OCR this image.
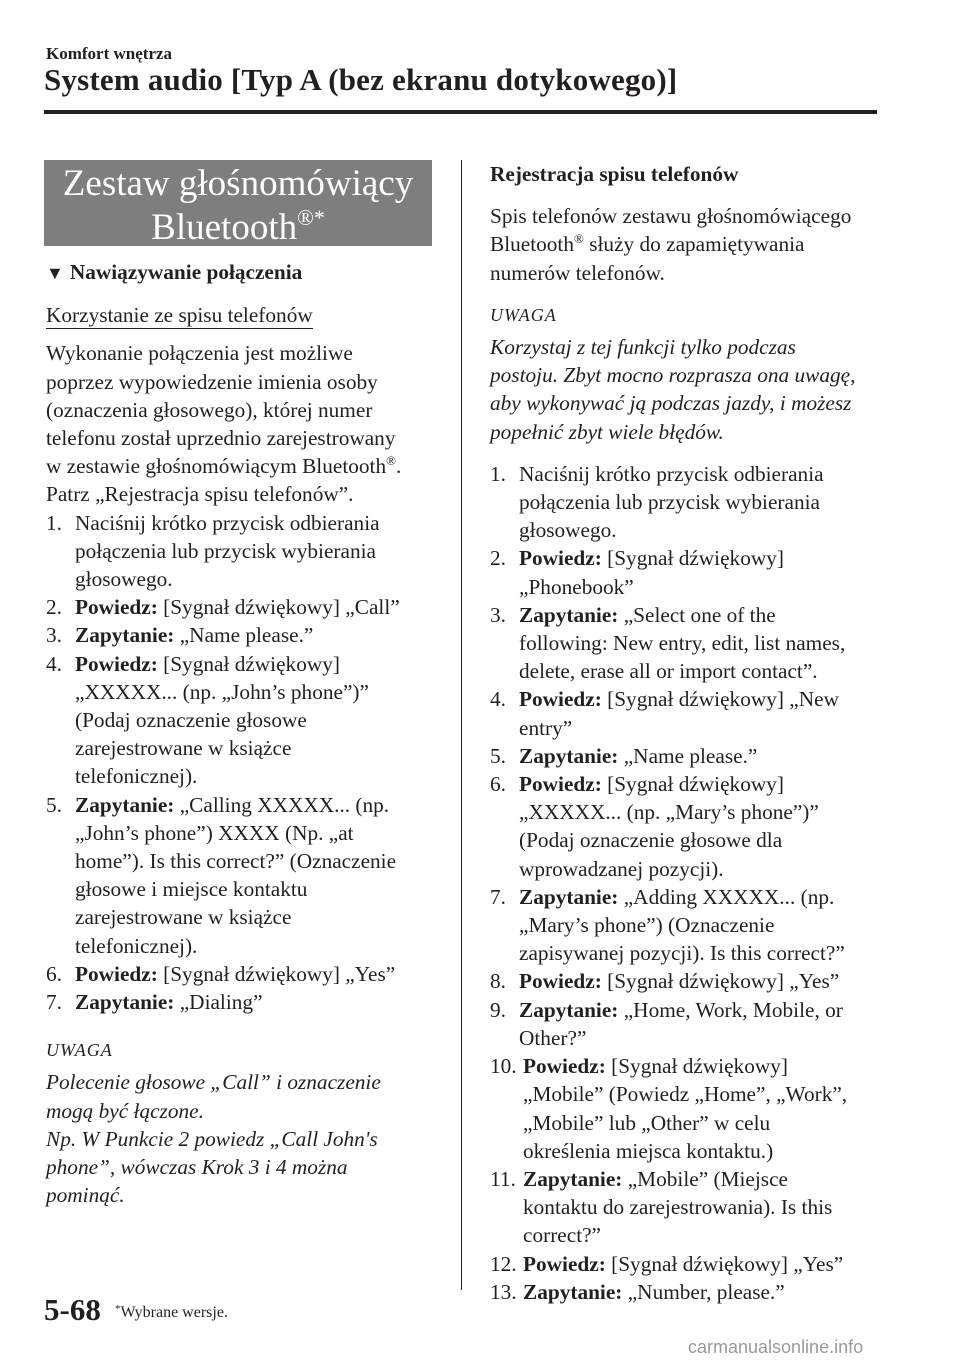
Komfort wnętrza
System audio [Typ A (bez ekranu dotykowego)]
Zestaw głośnomówiący
Bluetooth®*
▼ Nawiązywanie połączenia
Korzystanie ze spisu telefonów
Wykonanie połączenia jest możliwe
poprzez wypowiedzenie imienia osoby
(oznaczenia głosowego), której numer
telefonu został uprzednio zarejestrowany
w zestawie głośnomówiącym Bluetooth®.
Patrz „Rejestracja spisu telefonów”.
1. Naciśnij krótko przycisk odbierania
połączenia lub przycisk wybierania
głosowego.
2. Powiedz: [Sygnał dźwiękowy] „Call”
3. Zapytanie: „Name please.”
4. Powiedz: [Sygnał dźwiękowy]
„XXXXX... (np. „John’s phone”)”
(Podaj oznaczenie głosowe
zarejestrowane w książce
telefonicznej).
5. Zapytanie: „Calling XXXXX... (np.
„John’s phone”) XXXX (Np. „at
home”). Is this correct?” (Oznaczenie
głosowe i miejsce kontaktu
zarejestrowane w książce
telefonicznej).
6. Powiedz: [Sygnał dźwiękowy] „Yes”
7. Zapytanie: „Dialing”
UWAGA
Polecenie głosowe „Call” i oznaczenie
mogą być łączone.
Np. W Punkcie 2 powiedz „Call John's
phone”, wówczas Krok 3 i 4 można
pominąć.
Rejestracja spisu telefonów
Spis telefonów zestawu głośnomówiącego
Bluetooth® służy do zapamiętywania
numerów telefonów.
UWAGA
Korzystaj z tej funkcji tylko podczas
postoju. Zbyt mocno rozprasza ona uwagę,
aby wykonywać ją podczas jazdy, i możesz
popełnić zbyt wiele błędów.
1. Naciśnij krótko przycisk odbierania
połączenia lub przycisk wybierania
głosowego.
2. Powiedz: [Sygnał dźwiękowy]
„Phonebook”
3. Zapytanie: „Select one of the
following: New entry, edit, list names,
delete, erase all or import contact”.
4. Powiedz: [Sygnał dźwiękowy] „New
entry”
5. Zapytanie: „Name please.”
6. Powiedz: [Sygnał dźwiękowy]
„XXXXX... (np. „Mary’s phone”)”
(Podaj oznaczenie głosowe dla
wprowadzanej pozycji).
7. Zapytanie: „Adding XXXXX... (np.
„Mary’s phone”) (Oznaczenie
zapisywanej pozycji). Is this correct?”
8. Powiedz: [Sygnał dźwiękowy] „Yes”
9. Zapytanie: „Home, Work, Mobile, or
Other?”
10. Powiedz: [Sygnał dźwiękowy]
„Mobile” (Powiedz „Home”, „Work”,
„Mobile” lub „Other” w celu
określenia miejsca kontaktu.)
11. Zapytanie: „Mobile” (Miejsce
kontaktu do zarejestrowania). Is this
correct?”
12. Powiedz: [Sygnał dźwiękowy] „Yes”
13. Zapytanie: „Number, please.”
5-68 *Wybrane wersje.
carmanualsonline.info
